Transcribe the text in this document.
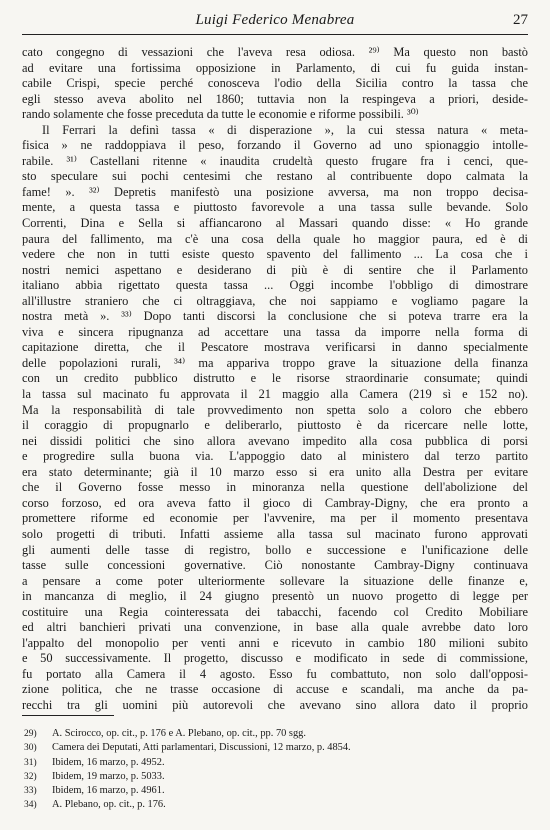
Luigi Federico Menabrea	27
cato congegno di vessazioni che l'aveva resa odiosa. ²⁹⁾ Ma questo non bastò
ad evitare una fortissima opposizione in Parlamento, di cui fu guida instan-
cabile Crispi, specie perché conosceva l'odio della Sicilia contro la tassa che
egli stesso aveva abolito nel 1860; tuttavia non la respingeva a priori, deside-
rando solamente che fosse preceduta da tutte le economie e riforme possibili. ³⁰⁾
Il Ferrari la definì tassa « di disperazione », la cui stessa natura « meta-
fisica » ne raddoppiava il peso, forzando il Governo ad uno spionaggio intolle-
rabile. ³¹⁾ Castellani ritenne « inaudita crudeltà questo frugare fra i cenci, que-
sto speculare sui pochi centesimi che restano al contribuente dopo calmata la
fame! ». ³²⁾ Depretis manifestò una posizione avversa, ma non troppo decisa-
mente, a questa tassa e piuttosto favorevole a una tassa sulle bevande. Solo
Correnti, Dina e Sella si affiancarono al Massari quando disse: « Ho grande
paura del fallimento, ma c'è una cosa della quale ho maggior paura, ed è di
vedere che non in tutti esiste questo spavento del fallimento ... La cosa che i
nostri nemici aspettano e desiderano di più è di sentire che il Parlamento
italiano abbia rigettato questa tassa ... Oggi incombe l'obbligo di dimostrare
all'illustre straniero che ci oltraggiava, che noi sappiamo e vogliamo pagare la
nostra metà ». ³³⁾ Dopo tanti discorsi la conclusione che si poteva trarre era la
viva e sincera ripugnanza ad accettare una tassa da imporre nella forma di
capitazione diretta, che il Pescatore mostrava verificarsi in danno specialmente
delle popolazioni rurali, ³⁴⁾ ma appariva troppo grave la situazione della finanza
con un credito pubblico distrutto e le risorse straordinarie consumate; quindi
la tassa sul macinato fu approvata il 21 maggio alla Camera (219 sì e 152 no).
Ma la responsabilità di tale provvedimento non spetta solo a coloro che ebbero
il coraggio di propugnarlo e deliberarlo, piuttosto è da ricercare nelle lotte,
nei dissidi politici che sino allora avevano impedito alla cosa pubblica di porsi
e progredire sulla buona via. L'appoggio dato al ministero dal terzo partito
era stato determinante; già il 10 marzo esso si era unito alla Destra per evitare
che il Governo fosse messo in minoranza nella questione dell'abolizione del
corso forzoso, ed ora aveva fatto il gioco di Cambray-Digny, che era pronto a
promettere riforme ed economie per l'avvenire, ma per il momento presentava
solo progetti di tributi. Infatti assieme alla tassa sul macinato furono approvati
gli aumenti delle tasse di registro, bollo e successione e l'unificazione delle
tasse sulle concessioni governative. Ciò nonostante Cambray-Digny continuava
a pensare a come poter ulteriormente sollevare la situazione delle finanze e,
in mancanza di meglio, il 24 giugno presentò un nuovo progetto di legge per
costituire una Regia cointeressata dei tabacchi, facendo col Credito Mobiliare
ed altri banchieri privati una convenzione, in base alla quale avrebbe dato loro
l'appalto del monopolio per venti anni e ricevuto in cambio 180 milioni subito
e 50 successivamente. Il progetto, discusso e modificato in sede di commissione,
fu portato alla Camera il 4 agosto. Esso fu combattuto, non solo dall'opposi-
zione politica, che ne trasse occasione di accuse e scandali, ma anche da pa-
recchi tra gli uomini più autorevoli che avevano sino allora dato il proprio
29) A. Scirocco, op. cit., p. 176 e A. Plebano, op. cit., pp. 70 sgg.
30) Camera dei Deputati, Atti parlamentari, Discussioni, 12 marzo, p. 4854.
31) Ibidem, 16 marzo, p. 4952.
32) Ibidem, 19 marzo, p. 5033.
33) Ibidem, 16 marzo, p. 4961.
34) A. Plebano, op. cit., p. 176.
